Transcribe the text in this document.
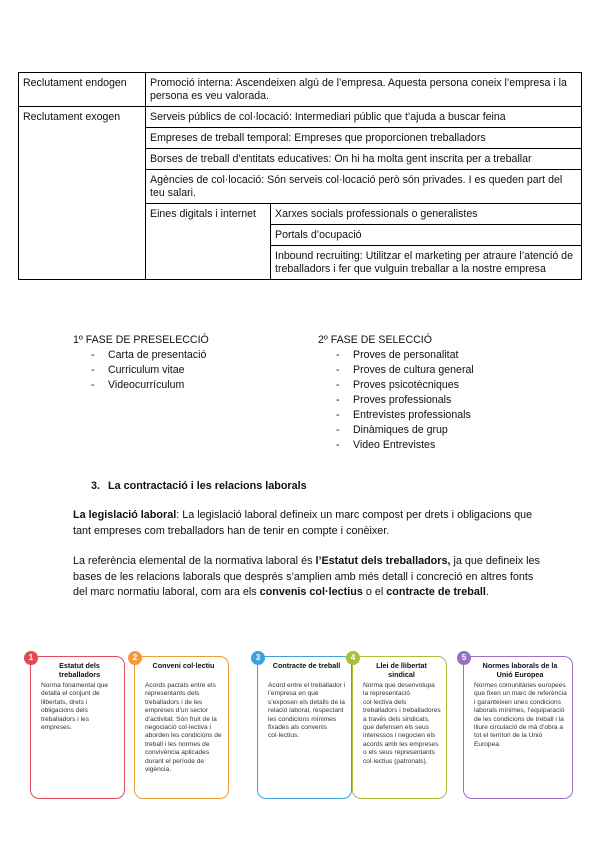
Reclutament endogen	Promoció interna: Ascendeixen algú de l’empresa. Aquesta persona coneix l’empresa i la persona es veu valorada.	
Reclutament exogen	Serveis públics de col·locació: Intermediari públic que t’ajuda a buscar feina	
	Empreses de treball temporal: Empreses que proporcionen treballadors	
	Borses de treball d’entitats educatives: On hi ha molta gent inscrita per a treballar	
	Agències de col·locació: Són serveis col·locació però són privades. I es queden part del teu salari.	
	Eines digitals i internet	Xarxes socials professionals o generalistes
		Portals d’ocupació
		Inbound recruiting: Utilitzar el marketing per atraure l’atenció de treballadors i fer que vulguin treballar a la nostre empresa
1º FASE DE PRESELECCIÓ
- Carta de presentació
- Curriculum vitae
- Videocurrículum
2º FASE DE SELECCIÓ
- Proves de personalitat
- Proves de cultura general
- Proves psicotècniques
- Proves professionals
- Entrevistes professionals
- Dinàmiques de grup
- Video Entrevistes
3. La contractació i les relacions laborals
La legislació laboral: La legislació laboral defineix un marc compost per drets i obligacions que tant empreses com treballadors han de tenir en compte i conèixer.
La referència elemental de la normativa laboral és l’Estatut dels treballadors, ja que defineix les bases de les relacions laborals que després s’amplien amb més detall i concreció en altres fonts del marc normatiu laboral, com ara els convenis col·lectius o el contracte de treball.
1
Estatut dels treballadors
Norma fonamental que detalla el conjunt de llibertats, drets i obligacions dels treballadors i les empreses.
2
Conveni col·lectiu
Acords pactats entre els representants dels treballadors i de les empreses d’un sector d’activitat. Són fruit de la negociació col·lectiva i aborden les condicions de treball i les normes de convivència aplicades durant el període de vigència.
3
Contracte de treball
Acord entre el treballador i l’empresa en què s’exposen els detalls de la relació laboral, respectant les condicions mínimes fixades als convenis col·lectius.
4
Llei de llibertat sindical
Norma que desenvolupa la representació col·lectiva dels treballadors i treballadores a través dels sindicats, que defensen els seus interessos i negocien els acords amb les empreses o els seus representants col·lectius (patronals).
5
Normes laborals de la Unió Europea
Normes comunitàries europees que fixen un marc de referència i garanteixen unes condicions laborals mínimes, l’equiparació de les condicions de treball i la lliure circulació de mà d’obra a tot el territori de la Unió Europea.
